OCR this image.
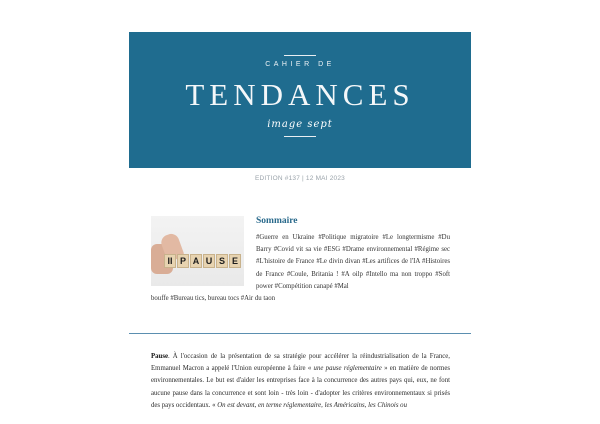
CAHIER DE
TENDANCES
image sept
EDITION #137 | 12 MAI 2023
II P A U S E
Sommaire
#Guerre en Ukraine #Politique migratoire #Le longtermisme #Du Barry #Covid vit sa vie #ESG #Drame environnemental #Régime sec #L'histoire de France #Le divin divan #Les artifices de l'IA #Histoires de France #Coule, Britania ! #A oilp #Intello ma non troppo #Soft power #Compétition canapé #Mal
bouffe #Bureau tics, bureau tocs #Air du taon
Pause. À l'occasion de la présentation de sa stratégie pour accélérer la réindustrialisation de la France, Emmanuel Macron a appelé l'Union européenne à faire « une pause réglementaire » en matière de normes environnementales. Le but est d'aider les entreprises face à la concurrence des autres pays qui, eux, ne font aucune pause dans la concurrence et sont loin - très loin - d'adopter les critères environnementaux si prisés des pays occidentaux. « On est devant, en terme réglementaire, les Américains, les Chinois ou
